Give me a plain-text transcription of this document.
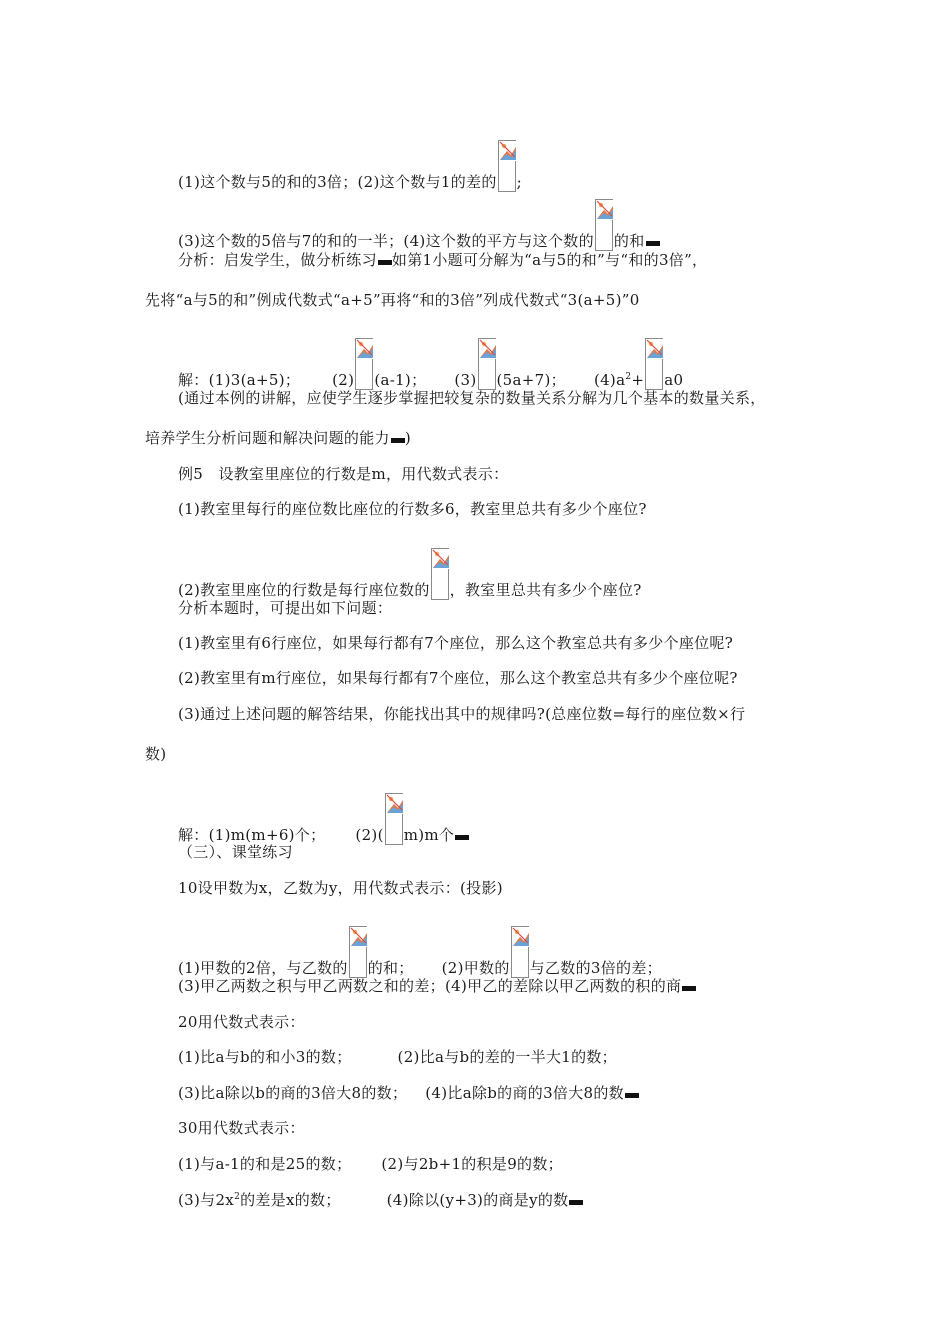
(1)这个数与5的和的3倍；(2)这个数与1的差的 ;
(3)这个数的5倍与7的和的一半；(4)这个数的平方与这个数的 的和
分析：启发学生，做分析练习 如第1小题可分解为“a与5的和”与“和的3倍”，
先将“a与5的和”例成代数式“a+5”再将“和的3倍”列成代数式“3(a+5)”0
解：(1)3(a+5)； (2) (a-1)； (3) (5a+7)； $(4)a^2+ a0$
(通过本例的讲解，应使学生逐步掌握把较复杂的数量关系分解为几个基本的数量关系，
培养学生分析问题和解决问题的能力 )
例5　设教室里座位的行数是m，用代数式表示：
(1)教室里每行的座位数比座位的行数多6，教室里总共有多少个座位?
(2)教室里座位的行数是每行座位数的 ，教室里总共有多少个座位?
分析本题时，可提出如下问题：
(1)教室里有6行座位，如果每行都有7个座位，那么这个教室总共有多少个座位呢?
(2)教室里有m行座位，如果每行都有7个座位，那么这个教室总共有多少个座位呢?
(3)通过上述问题的解答结果，你能找出其中的规律吗?(总座位数=每行的座位数×行
数)
解：(1)m(m+6)个； (2)( m)m个
（三）、课堂练习
10设甲数为x，乙数为y，用代数式表示：(投影)
(1)甲数的2倍，与乙数的 的和； (2)甲数的 与乙数的3倍的差；
(3)甲乙两数之积与甲乙两数之和的差；(4)甲乙的差除以甲乙两数的积的商
20用代数式表示：
(1)比a与b的和小3的数；	(2)比a与b的差的一半大1的数；
(3)比a除以b的商的3倍大8的数； (4)比a除b的商的3倍大8的数
30用代数式表示：
(1)与a-1的和是25的数； (2)与2b+1的积是9的数；
(3)与$2x^2$的差是x的数；	(4)除以(y+3)的商是y的数
